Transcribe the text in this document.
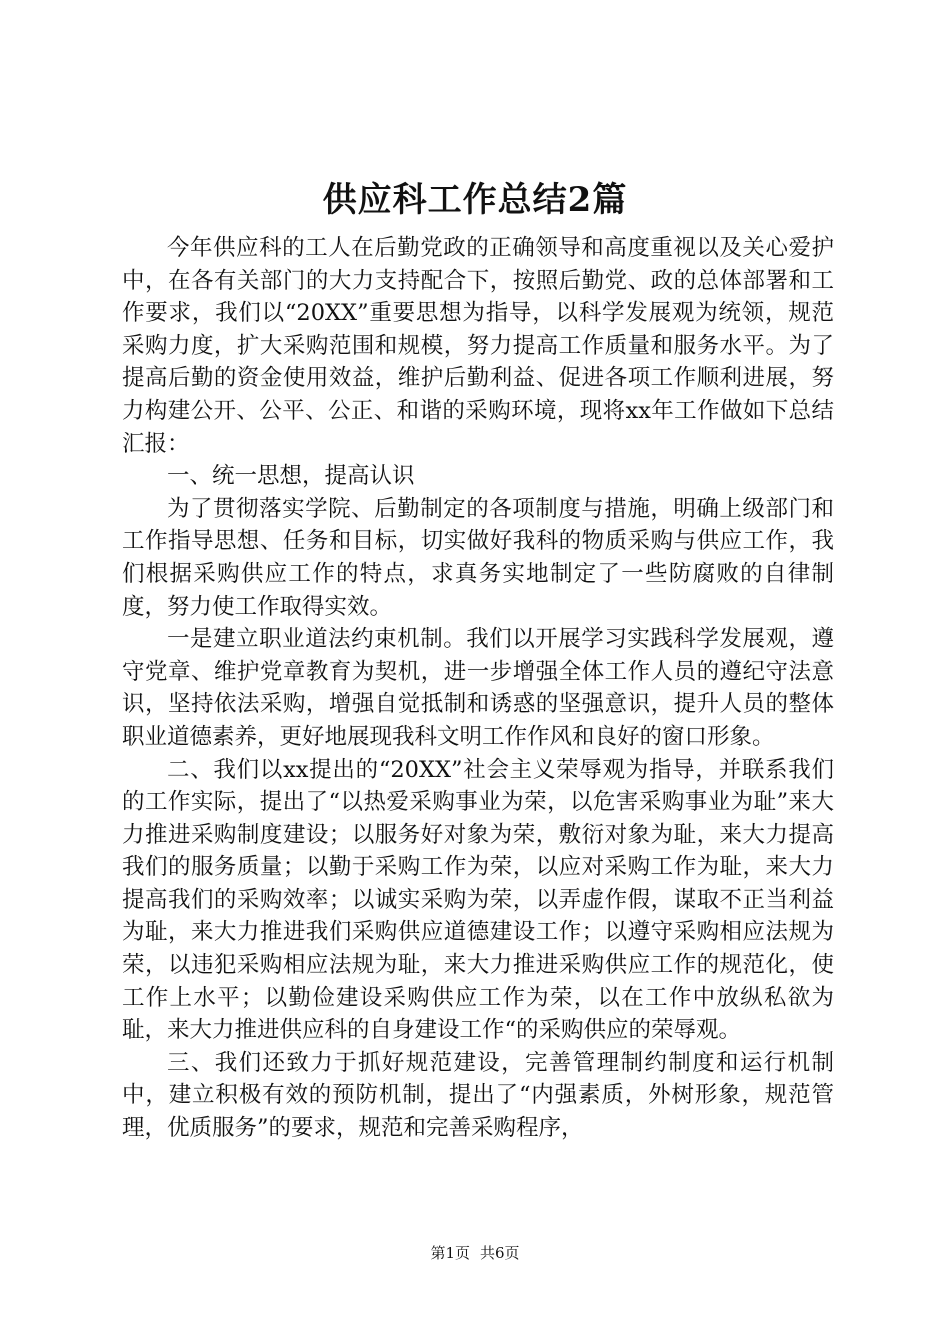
供应科工作总结2篇

今年供应科的工人在后勤党政的正确领导和高度重视以及关心爱护中，在各有关部门的大力支持配合下，按照后勤党、政的总体部署和工作要求，我们以“20XX”重要思想为指导，以科学发展观为统领，规范采购力度，扩大采购范围和规模，努力提高工作质量和服务水平。为了提高后勤的资金使用效益，维护后勤利益、促进各项工作顺利进展，努力构建公开、公平、公正、和谐的采购环境，现将xx年工作做如下总结汇报：

一、统一思想，提高认识

为了贯彻落实学院、后勤制定的各项制度与措施，明确上级部门和工作指导思想、任务和目标，切实做好我科的物质采购与供应工作，我们根据采购供应工作的特点，求真务实地制定了一些防腐败的自律制度，努力使工作取得实效。

一是建立职业道法约束机制。我们以开展学习实践科学发展观，遵守党章、维护党章教育为契机，进一步增强全体工作人员的遵纪守法意识，坚持依法采购，增强自觉抵制和诱惑的坚强意识，提升人员的整体职业道德素养，更好地展现我科文明工作作风和良好的窗口形象。

二、我们以xx提出的“20XX”社会主义荣辱观为指导，并联系我们的工作实际，提出了“以热爱采购事业为荣，以危害采购事业为耻”来大力推进采购制度建设；以服务好对象为荣，敷衍对象为耻，来大力提高我们的服务质量；以勤于采购工作为荣，以应对采购工作为耻，来大力提高我们的采购效率；以诚实采购为荣，以弄虚作假，谋取不正当利益为耻，来大力推进我们采购供应道德建设工作；以遵守采购相应法规为荣，以违犯采购相应法规为耻，来大力推进采购供应工作的规范化，使工作上水平；以勤俭建设采购供应工作为荣，以在工作中放纵私欲为耻，来大力推进供应科的自身建设工作“的采购供应的荣辱观。

三、我们还致力于抓好规范建设，完善管理制约制度和运行机制中，建立积极有效的预防机制，提出了“内强素质，外树形象，规范管理，优质服务”的要求，规范和完善采购程序，

第1页 共6页
